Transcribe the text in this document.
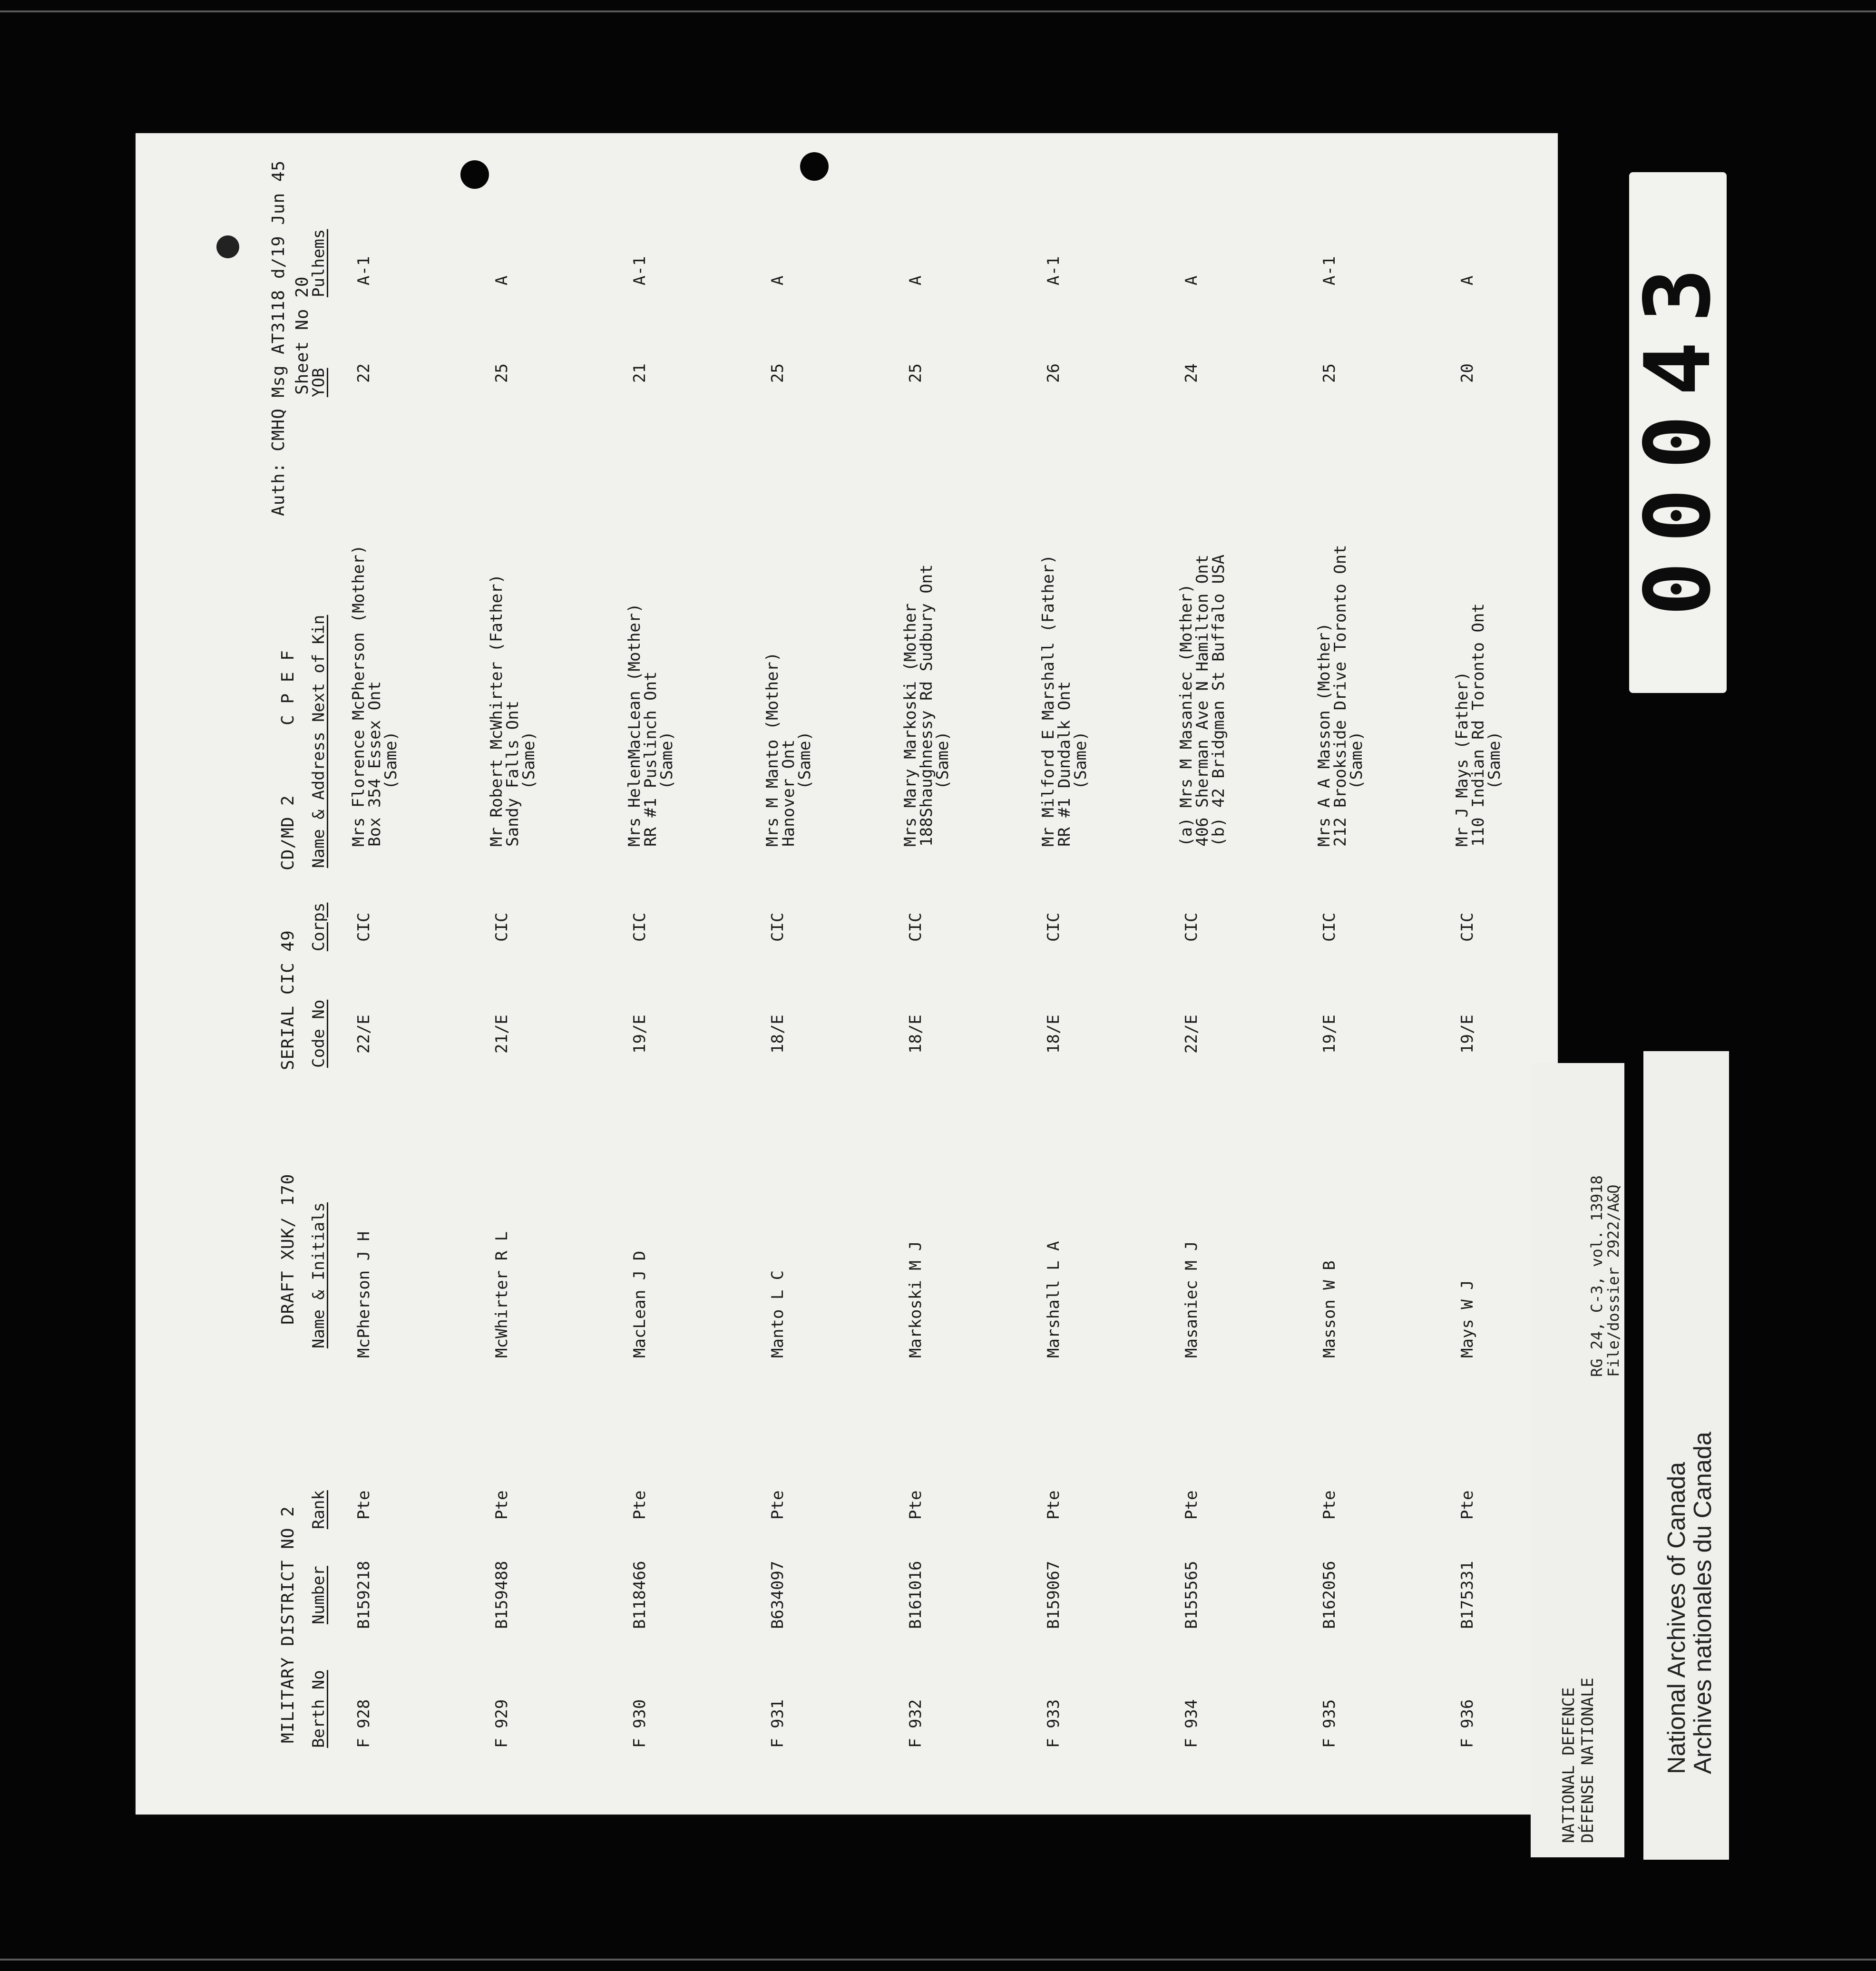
MILITARY DISTRICT NO 2
DRAFT XUK/ 170
SERIAL CIC 49
CD/MD 2
C P E F
Auth: CMHQ Msg AT3118 d/19 Jun 45 Sheet No 20
Berth No
Number
Rank
Name & Initials
Code No
Corps
Name & Address Next of Kin
YOB
Pulhems
F 928
B159218
Pte
McPherson J H
22/E
CIC
22
A-1
Mrs Florence McPherson (Mother)
Box 354 Essex Ont
(Same)
F 929
B159488
Pte
McWhirter R L
21/E
CIC
25
A
Mr Robert McWhirter (Father)
Sandy Falls Ont
(Same)
F 930
B118466
Pte
MacLean J D
19/E
CIC
21
A-1
Mrs HelenMacLean (Mother)
RR #1 Puslinch Ont
(Same)
F 931
B634097
Pte
Manto L C
18/E
CIC
25
A
Mrs M Manto (Mother)
Hanover Ont
(Same)
F 932
B161016
Pte
Markoski M J
18/E
CIC
25
A
Mrs Mary Markoski (Mother
188Shaughnessy Rd Sudbury Ont
(Same)
F 933
B159067
Pte
Marshall L A
18/E
CIC
26
A-1
Mr Milford E Marshall (Father)
RR #1 Dundalk Ont
(Same)
F 934
B155565
Pte
Masaniec M J
22/E
CIC
24
A
(a) Mrs M Masaniec (Mother)
406 Sherman Ave N Hamilton Ont
(b) 42 Bridgman St Buffalo USA
F 935
B162056
Pte
Masson W B
19/E
CIC
25
A-1
Mrs A A Masson (Mother)
212 Brookside Drive Toronto Ont
(Same)
F 936
B175331
Pte
Mays W J
19/E
CIC
20
A
Mr J Mays (Father)
110 Indian Rd Toronto Ont
(Same)
00043
NATIONAL DEFENCE DÉFENSE NATIONALE
RG 24, C-3, vol. 13918
File/dossier 2922/A&Q
National Archives of Canada
Archives nationales du Canada
